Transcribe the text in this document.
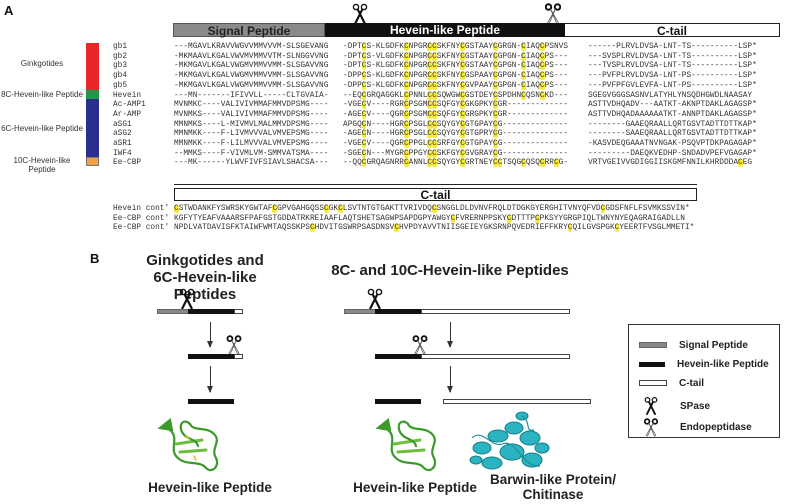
A
Signal Peptide	Hevein-like Peptide	C-tail
Ginkgotides
8C-Hevein-like Peptide
6C-Hevein-like Peptide
10C-Hevein-like Peptide
gb1	---MGAVLKRAVVWGVVMMVVVM-SLSGEVANG -DPTCS-KLGDFKCNPGRCCSKFNYCGSTAAYCGRGN-CIAQCPSNVS	------PLRVLDVSA-LNT-TS----------LSP*
gb2	-MKMAAVLKGALVWVMVMMVVTM-SLNGGVVNG -DPTCS-VLGDFKCNPGRCCSKFNYCGSTAAYCGPGN-CIAQCPS---	---SVSPLRVLDVSA-LNT-TS----------LSP*
gb3	-MKMGAVLKGALVWGMVMMVVMM-SLSGAVVNG -DPTCS-KLGDFKCNPGRCCSKFNYCGSTAAYCGPGN-CIAQCPS---	---TVSPLRVLDVSA-LNT-TS----------LSP*
gb4	-MKMGAVLKGALVWGMVMMVVMM-SLSGAVVNG -DPPCS-KLGDFKCNPGRCCSKFNYCGSPAAYCGPGN-CIAQCPS---	---PVFPLRVLDVSA-LNT-PS----------LSP*
gb5	-MKMGAVLKGALVWGMVMMVVMM-SLSGAVVNG -DPPCS-KLGDFKCNPGRCCSKFNYCGVPAAYCGPGN-CIAQCPS---	---PVFPFGVLEVFA-LNT-PS----------LSP*
Hevein	---MN-------IFIVVLL-----CLTGVAIA- --EQCGRQAGGKLCPNNLCCSQWGWCGSTDEYCSPDHNCQSNCKD---	SGEGVGGGSASNVLATYHLYNSQDHGWDLNAASAY
Ac-AMP1	MVNMKC----VALIVIVMMAFMMVDPSMG---- -VGECV----RGRCPSGMCCSQFGYCGKGPKYCGR-------------	ASTTVDHQADV---AATKT-AKNPTDAKLAGAGSP*
Ar-AMP	MVNMKS----VALIVIVMMAFMMVDPSMG---- -AGECV----QGRCPSGMCCSQFGYCGRGPKYCGR-------------	ASTTVDHQADAAAAAATKT-ANNPTDAKLAGAGSP*
aSG1	MMNMKS----L-MIVMVLMALMMVDPSMG---- APGQCN----HGRCPSGLCCSQYGYCGTGPAYCG--------------	--------GAAEQRAALLQRTGSVTADTTDTTKAP*
aSG2	MMNMKK----F-LIVMVVVALVMVEPSMG---- -AGECN----HGRCPSGLCCSQYGYCGTGPRYCG--------------	--------SAAEQRAALLQRTGSVTADTTDTTKAP*
aSR1	MMNMKK----F-LILMVVVALVMVEPSMG---- -VGECV----QGRCPPGLCCSRFGYCGTGPAYCG--------------	-KASVDEQGAAATNVNGAK-PSQVPTDKPAGAGAP*
IWF4	--MMKS----F-VIVMLVM-SMMVATSMA---- -SGECN---MYGRCPPGYCCSKFGYCGVGRAYCG--------------	---------DAEQKVEDHP-SNDADVPEFVGAGAP*
Ee-CBP	---MK------YLWVFIVFSIAVLSHACSA--- --QQCGRQAGNRRCANNLCCSQYGYCGRTNEYCCTSQGCQSQCRRCG-	VRTVGEIVVGDIGGIISKGMFNNILKHRDDDACEG
C-tail
Hevein cont' CSTWDANKFYSWRSKYGWTAFCGPVGAHGQSSCGKCLSVTNTGTGAKTTVRIVDQCSNGGLDLDVNVFRQLDTDGKGYERGHITVNYQFVDCGDSFNFLFSVMKSSVIN*
Ee-CBP cont' KGFYTYEAFVAAARSFPAFGSTGDDATRKREIAAFLAQTSHETSAGWPSAPDGPYAWGYCFVRERNPPSKYCDTTTPCPKSYYGRGPIQLTWNYNYEQAGRAIGADLLN
Ee-CBP cont' NPDLVATDAVISFKTAIWFWMTAQSSKPSCHDVITGSWRPSASDNSVCHVPDYAVVTNIISGEIEYGKSRNPQVEDRIEFFKRYCQILGVSPGKCYEERTFVSGLMMETI*
B	Ginkgotides and
6C-Hevein-like Peptides
8C- and 10C-Hevein-like Peptides
Hevein-like Peptide	Hevein-like Peptide
Barwin-like Protein/
Chitinase
Signal Peptide
Hevein-like Peptide
C-tail
SPase
Endopeptidase
